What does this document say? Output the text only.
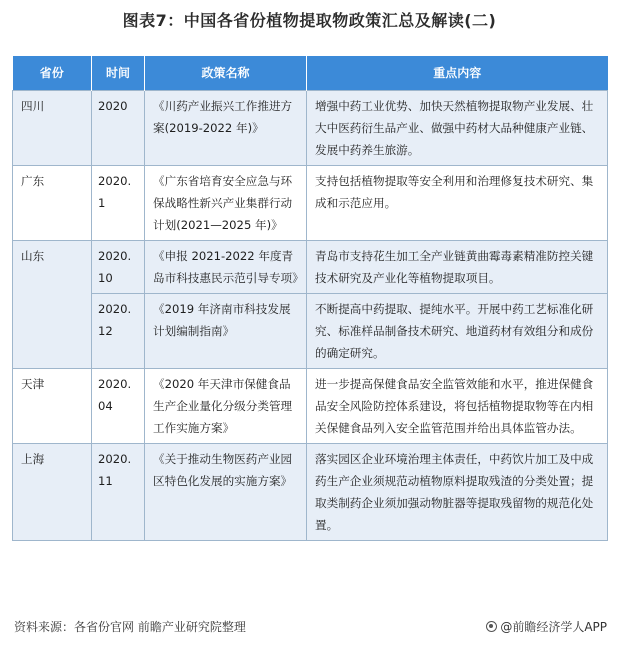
图表7：中国各省份植物提取物政策汇总及解读(二)
省份	时间	政策名称	重点内容
四川	2020	《川药产业振兴工作推进方案(2019-2022 年)》	增强中药工业优势、加快天然植物提取物产业发展、壮大中医药衍生品产业、做强中药材大品种健康产业链、发展中药养生旅游。
广东	2020.1	《广东省培育安全应急与环保战略性新兴产业集群行动计划(2021—2025 年)》	支持包括植物提取等安全利用和治理修复技术研究、集成和示范应用。
山东	2020.10	《申报 2021-2022 年度青岛市科技惠民示范引导专项》	青岛市支持花生加工全产业链黄曲霉毒素精准防控关键技术研究及产业化等植物提取项目。
	2020.12	《2019 年济南市科技发展计划编制指南》	不断提高中药提取、提纯水平。开展中药工艺标准化研究、标准样品制备技术研究、地道药材有效组分和成份的确定研究。
天津	2020.04	《2020 年天津市保健食品生产企业量化分级分类管理工作实施方案》	进一步提高保健食品安全监管效能和水平，推进保健食品安全风险防控体系建设，将包括植物提取物等在内相关保健食品列入安全监管范围并给出具体监管办法。
上海	2020.11	《关于推动生物医药产业园区特色化发展的实施方案》	落实园区企业环境治理主体责任，中药饮片加工及中成药生产企业须规范动植物原料提取残渣的分类处置；提取类制药企业须加强动物脏器等提取残留物的规范化处置。
资料来源：各省份官网 前瞻产业研究院整理	@前瞻经济学人APP
